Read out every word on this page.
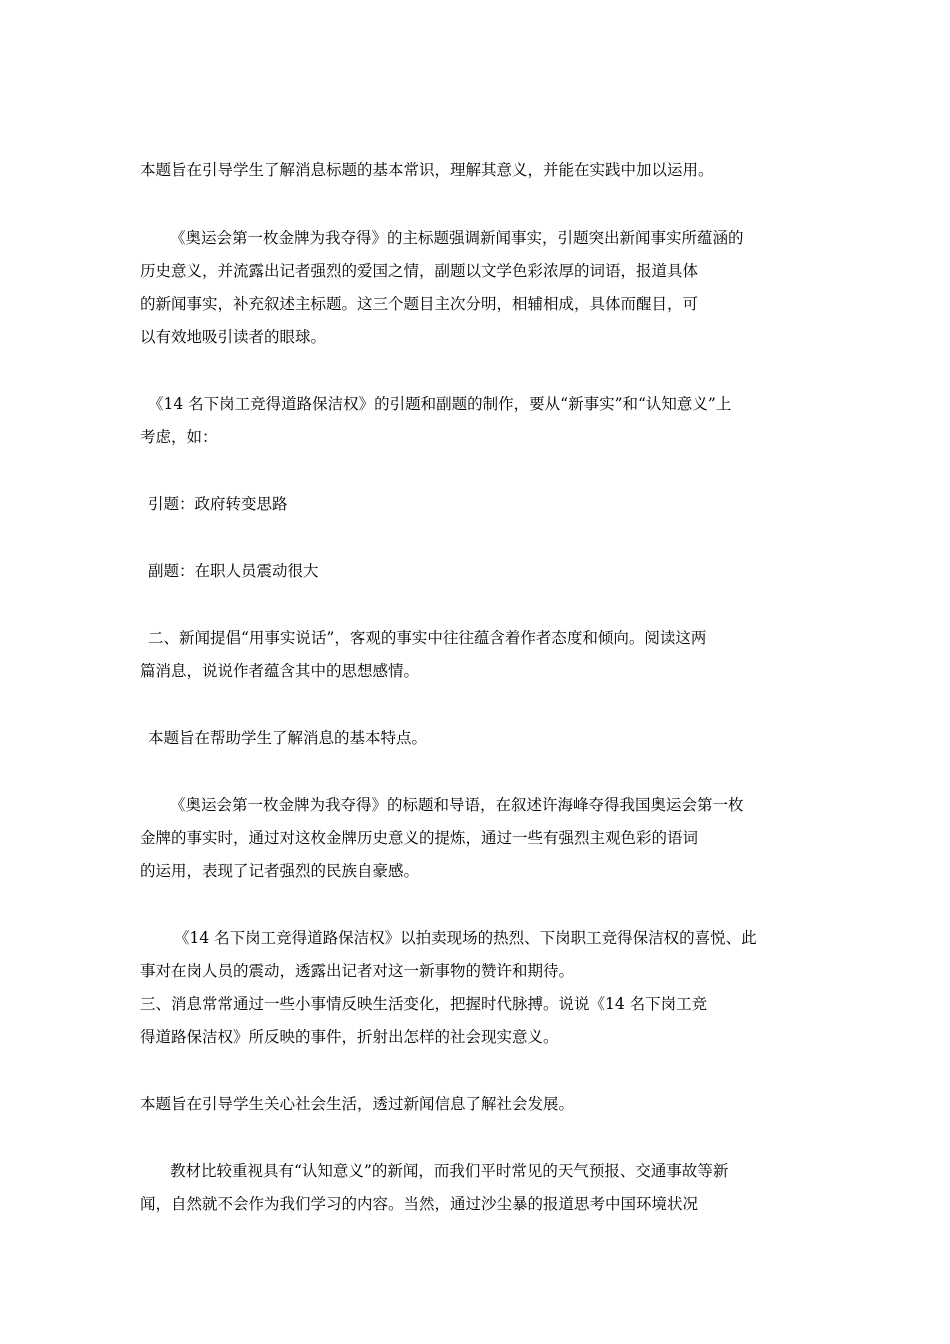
本题旨在引导学生了解消息标题的基本常识，理解其意义，并能在实践中加以运用。
《奥运会第一枚金牌为我夺得》的主标题强调新闻事实，引题突出新闻事实所蕴涵的
历史意义，并流露出记者强烈的爱国之情，副题以文学色彩浓厚的词语，报道具体
的新闻事实，补充叙述主标题。这三个题目主次分明，相辅相成，具体而醒目，可
以有效地吸引读者的眼球。
《14 名下岗工竞得道路保洁权》的引题和副题的制作，要从“新事实”和“认知意义”上
考虑，如：
引题：政府转变思路
副题：在职人员震动很大
二、新闻提倡“用事实说话”，客观的事实中往往蕴含着作者态度和倾向。阅读这两
篇消息，说说作者蕴含其中的思想感情。
本题旨在帮助学生了解消息的基本特点。
《奥运会第一枚金牌为我夺得》的标题和导语，在叙述许海峰夺得我国奥运会第一枚
金牌的事实时，通过对这枚金牌历史意义的提炼，通过一些有强烈主观色彩的语词
的运用，表现了记者强烈的民族自豪感。
《14 名下岗工竞得道路保洁权》以拍卖现场的热烈、下岗职工竞得保洁权的喜悦、此
事对在岗人员的震动，透露出记者对这一新事物的赞许和期待。
三、消息常常通过一些小事情反映生活变化，把握时代脉搏。说说《14 名下岗工竞
得道路保洁权》所反映的事件，折射出怎样的社会现实意义。
本题旨在引导学生关心社会生活，透过新闻信息了解社会发展。
教材比较重视具有“认知意义”的新闻，而我们平时常见的天气预报、交通事故等新
闻，自然就不会作为我们学习的内容。当然，通过沙尘暴的报道思考中国环境状况
